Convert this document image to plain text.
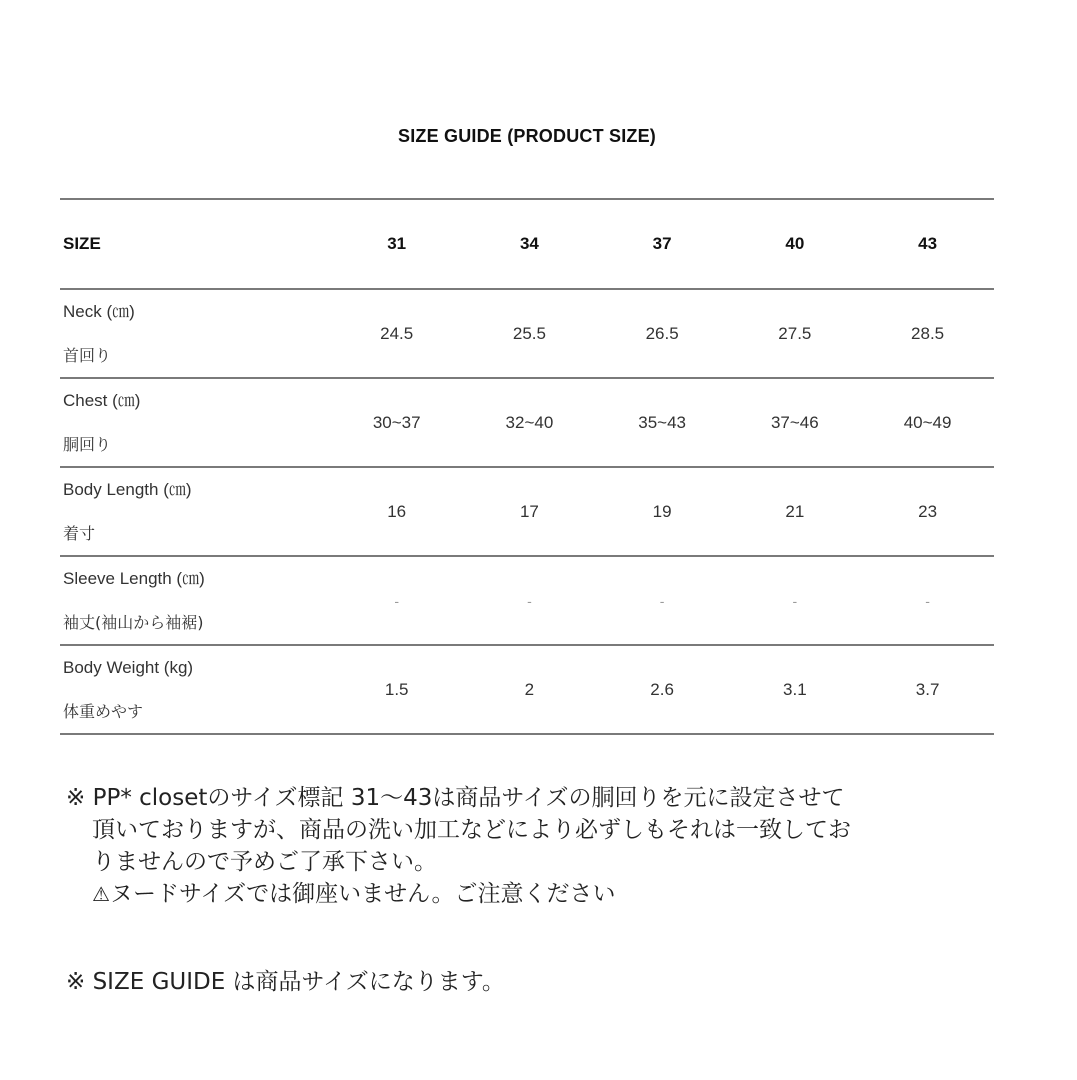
SIZE GUIDE (PRODUCT SIZE)
SIZE	31	34	37	40	43

Neck (㎝)
首回り	24.5	25.5	26.5	27.5	28.5

Chest (㎝)
胴回り	30~37	32~40	35~43	37~46	40~49

Body Length (㎝)
着寸	16	17	19	21	23

Sleeve Length (㎝)
袖丈(袖山から袖裾)	-	-	-	-	-

Body Weight (kg)
体重めやす	1.5	2	2.6	3.1	3.7
※ PP* closetのサイズ標記 31〜43は商品サイズの胴回りを元に設定させて
頂いておりますが、商品の洗い加工などにより必ずしもそれは一致してお
りませんので予めご了承下さい。
⚠ヌードサイズでは御座いません。ご注意ください
※ SIZE GUIDE は商品サイズになります。
